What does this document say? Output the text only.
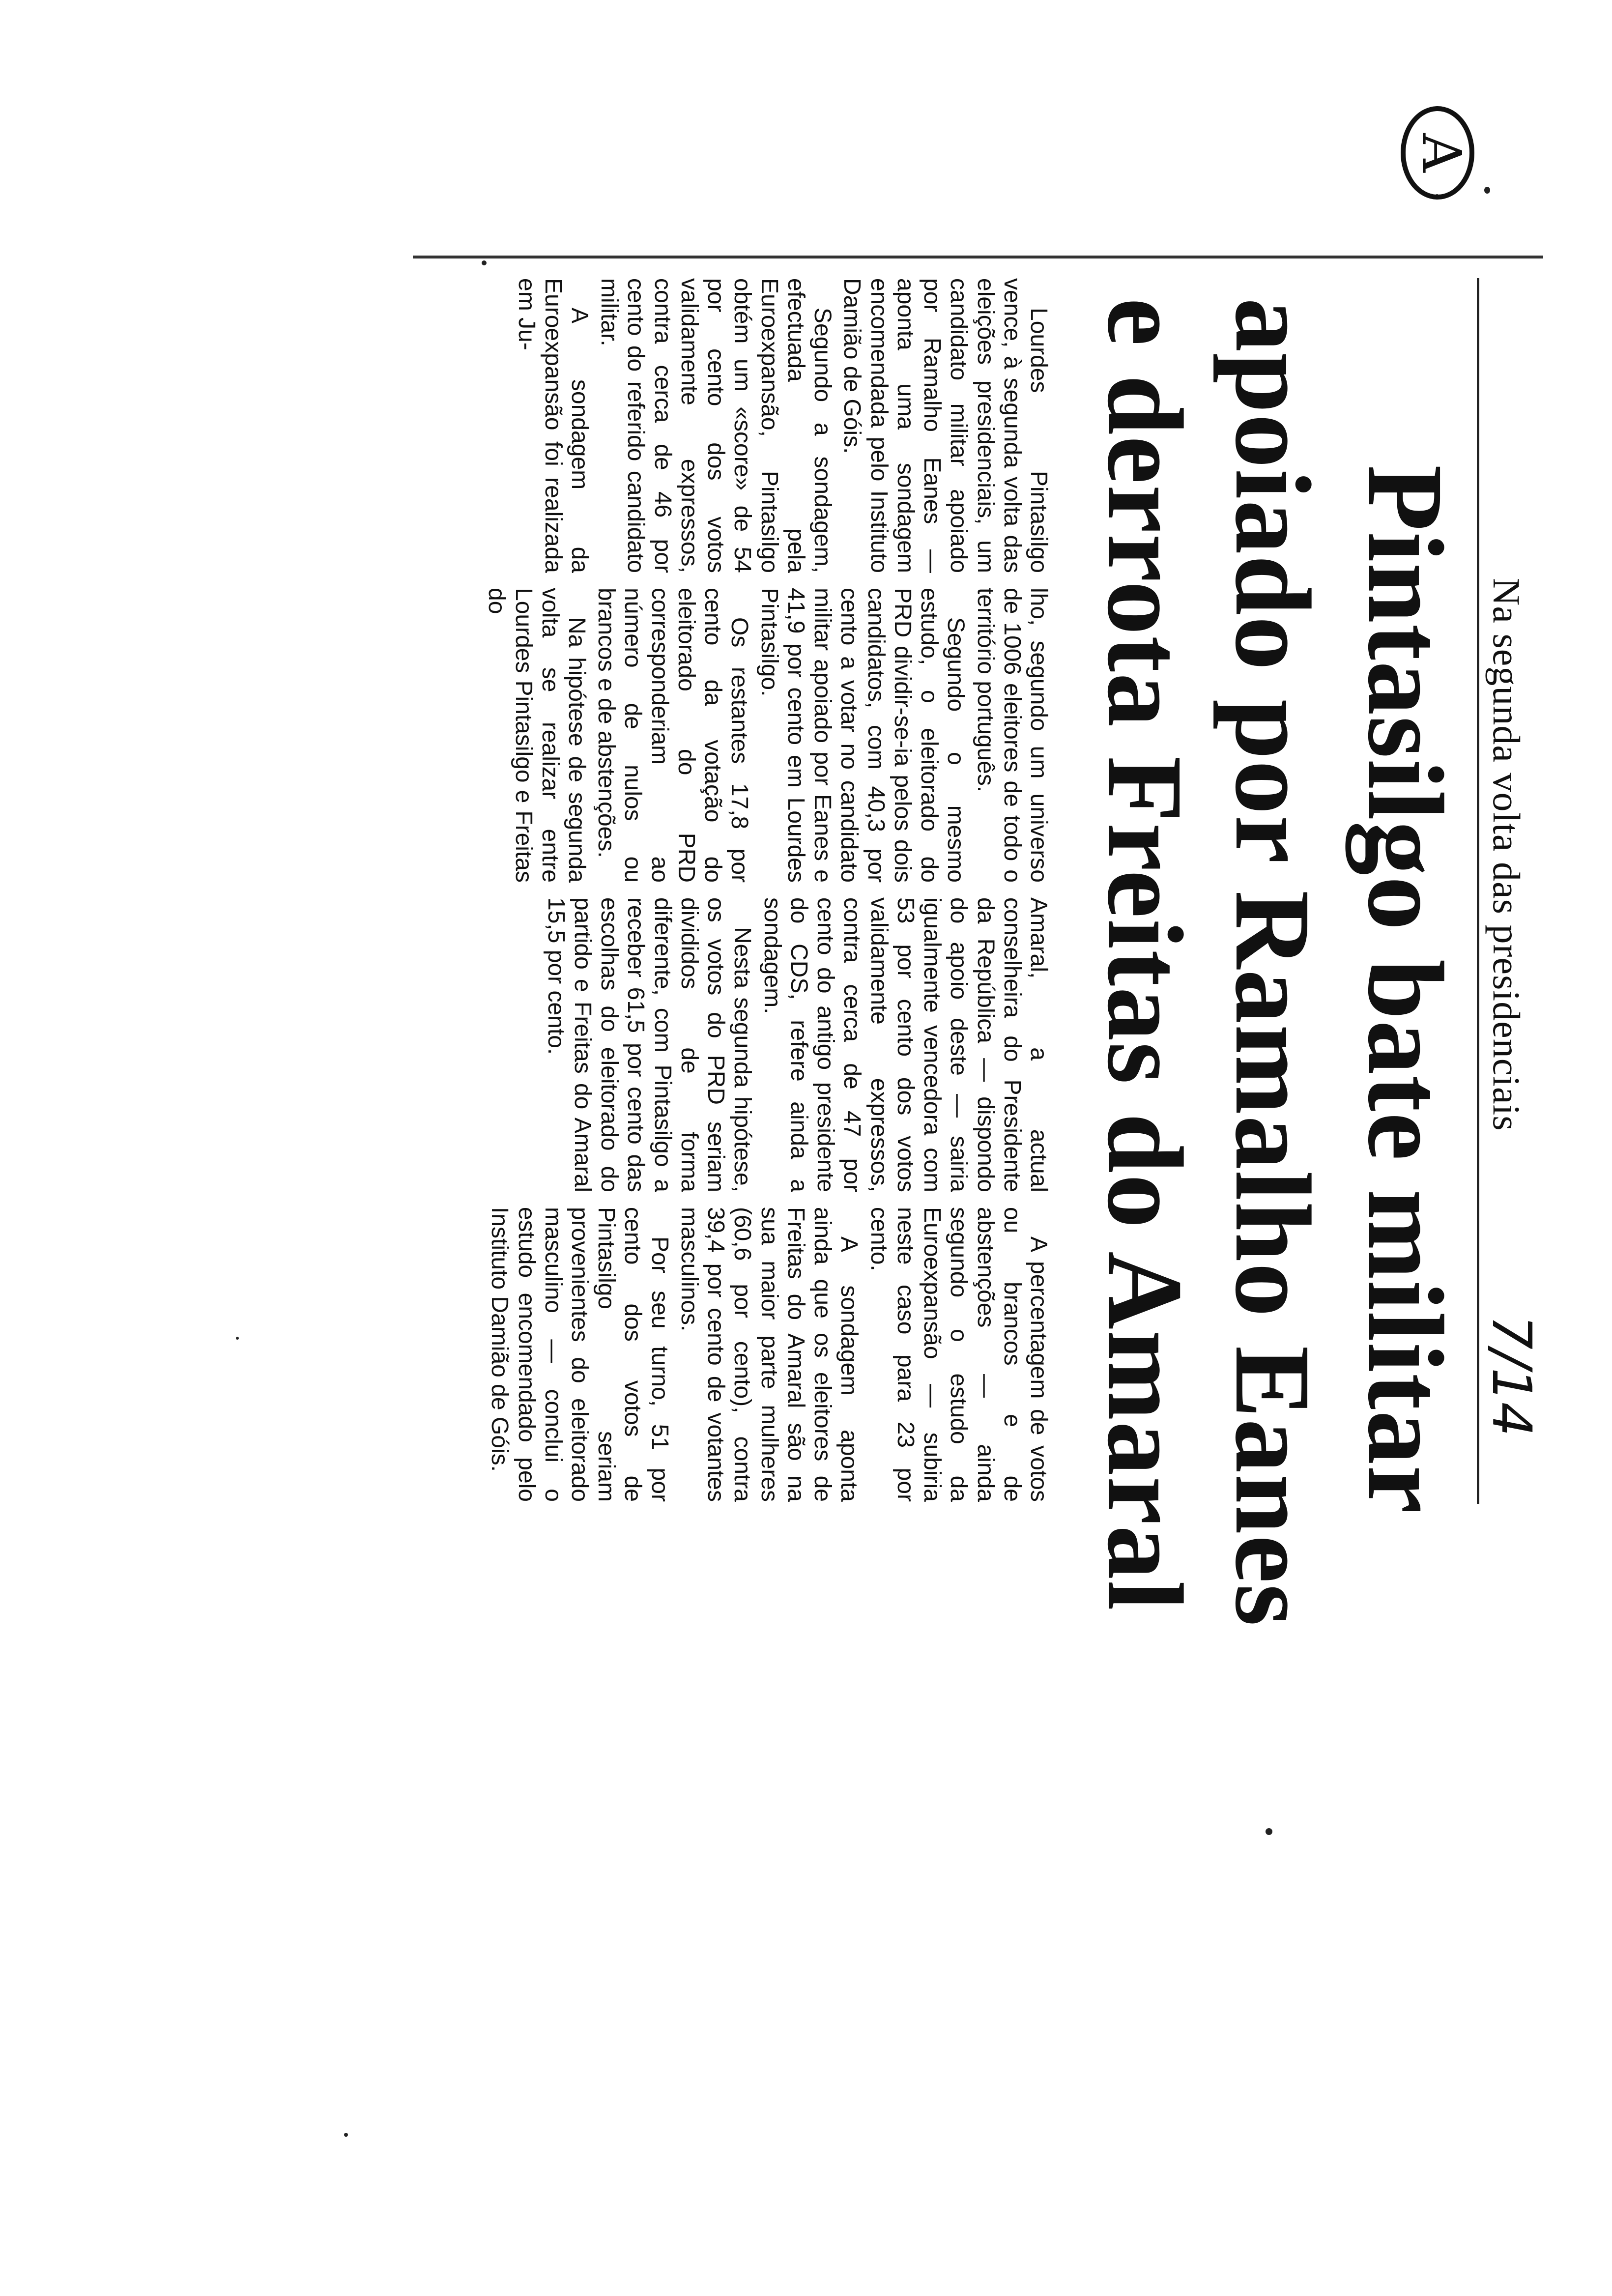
Na segunda volta das presidenciais
7/14
Pintasilgo bate militar
apoiado por Ramalho Eanes
e derrota Freitas do Amaral
A

Lourdes Pintasilgo vence, à segunda volta das eleições presidenciais, um candidato militar apoiado por Ramalho Eanes — aponta uma sondagem encomendada pelo Instituto Damião de Góis.

Segundo a sondagem, efectuada pela Euroexpansão, Pintasilgo obtém um «score» de 54 por cento dos votos validamente expressos, contra cerca de 46 por cento do referido candidato militar.

A sondagem da Euroexpansão foi realizada em Ju-

lho, segundo um universo de 1006 eleitores de todo o território português.

Segundo o mesmo estudo, o eleitorado do PRD dividir-se-ia pelos dois candidatos, com 40,3 por cento a votar no candidato militar apoiado por Eanes e 41,9 por cento em Lourdes Pintasilgo.

Os restantes 17,8 por cento da votação do eleitorado do PRD corresponderiam ao número de nulos ou brancos e de abstenções.

Na hipótese de segunda volta se realizar entre Lourdes Pintasilgo e Freitas do

Amaral, a actual conselheira do Presidente da República — dispondo do apoio deste — sairia igualmente vencedora com 53 por cento dos votos validamente expressos, contra cerca de 47 por cento do antigo presidente do CDS, refere ainda a sondagem.

Nesta segunda hipótese, os votos do PRD seriam divididos de forma diferente, com Pintasilgo a receber 61,5 por cento das escolhas do eleitorado do partido e Freitas do Amaral 15,5 por cento.

A percentagem de votos ou brancos e de abstenções — ainda segundo o estudo da Euroexpansão — subiria neste caso para 23 por cento.

A sondagem aponta ainda que os eleitores de Freitas do Amaral são na sua maior parte mulheres (60,6 por cento), contra 39,4 por cento de votantes masculinos.

Por seu turno, 51 por cento dos votos de Pintasilgo seriam provenientes do eleitorado masculino — conclui o estudo encomendado pelo Instituto Damião de Góis.
